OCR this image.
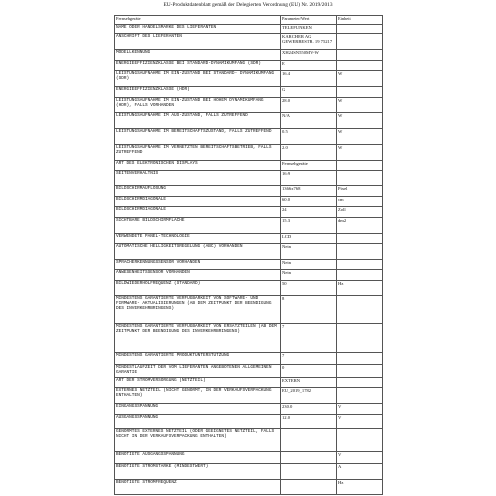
EU-Produktdatenblatt gemäß der Delegierten Verordnung (EU) Nr. 2019/2013
Fernsehgeräte	Parameter/Wert	Einheit
NAME ODER HANDELSMARKE DES LIEFERANTEN	TELEFUNKEN	
ANSCHRIFT DES LIEFERANTEN	KARCHER AG GEWERBESTR. 19 75217	
MODELLKENNUNG	XH24SN550MV-W	
ENERGIEEFFIZIENZKLASSE BEI STANDARD-DYNAMIKUMFANG (SDR)	E	
LEISTUNGSAUFNAHME IM EIN-ZUSTAND BEI STANDARD- DYNAMIKUMFANG (SDR)	16.4	W
ENERGIEEFFIZIENZKLASSE (HDR)	G	
LEISTUNGSAUFNAHME IM EIN-ZUSTAND BEI HOHEM DYNAMIKUMFANG (HDR), FALLS VORHANDEN	28.0	W
LEISTUNGSAUFNAHME IM AUS-ZUSTAND, FALLS ZUTREFFEND	N/A	W
LEISTUNGSAUFNAHME IM BEREITSCHAFTSZUSTAND, FALLS ZUTREFFEND	0.5	W
LEISTUNGSAUFNAHME IM VERNETZTEN BEREITSCHAFTSBETRIEB, FALLS ZUTREFFEND	2.0	W
ART DES ELEKTRONISCHEN DISPLAYS	Fernsehgeräte	
SEITENVERHÄLTNIS	16:9	
BILDSCHIRMAUFLÖSUNG	1366x768	Pixel
BILDSCHIRMDIAGONALE	60.0	cm
BILDSCHIRMDIAGONALE	24	Zoll
SICHTBARE BILDSCHIRMFLÄCHE	15.3	dm2
VERWENDETE PANEL-TECHNOLOGIE	LCD	
AUTOMATISCHE HELLIGKEITSREGELUNG (ABC) VORHANDEN	Nein	
SPRACHERKENNUNGSSENSOR VORHANDEN	Nein	
ANWESENHEITSSENSOR VORHANDEN	Nein	
BILDWIEDERHOLFREQUENZ (STANDARD)	50	Hz
MINDESTENS GARANTIERTE VERFÜGBARKEIT VON SOFTWARE- UND FIRMWARE- AKTUALISIERUNGEN (AB DEM ZEITPUNKT DER BEENDIGUNG DES INVERKEHRBRINGENS)	8	
MINDESTENS GARANTIERTE VERFÜGBARKEIT VON ERSATZTEILEN (AB DEM ZEITPUNKT DER BEENDIGUNG DES INVERKEHRBRINGENS)	7	
MINDESTENS GARANTIERTE PRODUKTUNTERSTÜTZUNG	7	
MINDESTLAUFZEIT DER VOM LIEFERANTEN ANGEBOTENEN ALLGEMEINEN GARANTIE	0	
ART DER STROMVERSORGUNG (NETZTEIL)	EXTERN	
EXTERNES NETZTEIL (NICHT GENORMT, IN DER VERKAUFSVERPACKUNG ENTHALTEN)	EU_2019_1782	
EINGANGSSPANNUNG	230.0	V
AUSGANGSSPANNUNG	12.0	V
GENORMTES EXTERNES NETZTEIL (ODER GEEIGNETES NETZTEIL, FALLS NICHT IN DER VERKAUFSVERPACKUNG ENTHALTEN)		
BENÖTIGTE AUSGANGSSPANNUNG		V
BENÖTIGTE STROMSTÄRKE (MINDESTWERT)		A
BENÖTIGTE STROMFREQUENZ		Hz
